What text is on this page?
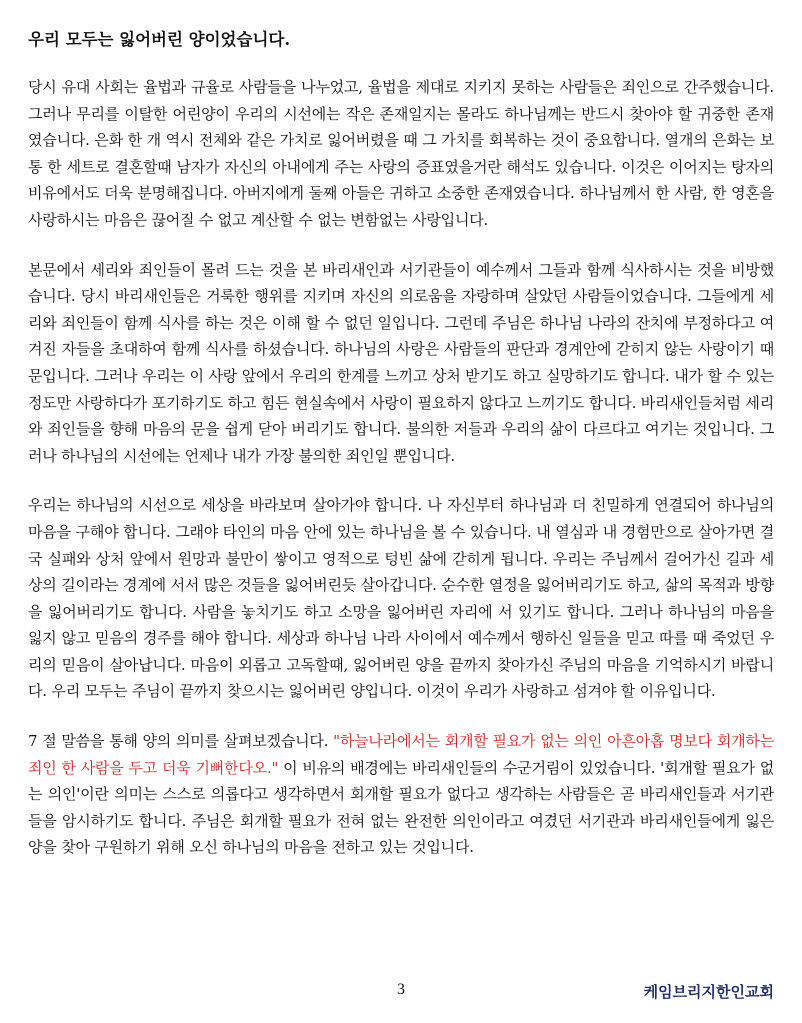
우리 모두는 잃어버린 양이었습니다.

당시 유대 사회는 율법과 규율로 사람들을 나누었고, 율법을 제대로 지키지 못하는 사람들은 죄인으로 간주했습니다. 그러나 무리를 이탈한 어린양이 우리의 시선에는 작은 존재일지는 몰라도 하나님께는 반드시 찾아야 할 귀중한 존재였습니다. 은화 한 개 역시 전체와 같은 가치로 잃어버렸을 때 그 가치를 회복하는 것이 중요합니다. 열개의 은화는 보통 한 세트로 결혼할때 남자가 자신의 아내에게 주는 사랑의 증표였을거란 해석도 있습니다. 이것은 이어지는 탕자의 비유에서도 더욱 분명해집니다. 아버지에게 둘째 아들은 귀하고 소중한 존재였습니다. 하나님께서 한 사람, 한 영혼을 사랑하시는 마음은 끊어질 수 없고 계산할 수 없는 변함없는 사랑입니다.

본문에서 세리와 죄인들이 몰려 드는 것을 본 바리새인과 서기관들이 예수께서 그들과 함께 식사하시는 것을 비방했습니다. 당시 바리새인들은 거룩한 행위를 지키며 자신의 의로움을 자랑하며 살았던 사람들이었습니다. 그들에게 세리와 죄인들이 함께 식사를 하는 것은 이해 할 수 없던 일입니다. 그런데 주님은 하나님 나라의 잔치에 부정하다고 여겨진 자들을 초대하여 함께 식사를 하셨습니다. 하나님의 사랑은 사람들의 판단과 경계안에 갇히지 않는 사랑이기 때문입니다. 그러나 우리는 이 사랑 앞에서 우리의 한계를 느끼고 상처 받기도 하고 실망하기도 합니다. 내가 할 수 있는 정도만 사랑하다가 포기하기도 하고 힘든 현실속에서 사랑이 필요하지 않다고 느끼기도 합니다. 바리새인들처럼 세리와 죄인들을 향해 마음의 문을 쉽게 닫아 버리기도 합니다. 불의한 저들과 우리의 삶이 다르다고 여기는 것입니다. 그러나 하나님의 시선에는 언제나 내가 가장 불의한 죄인일 뿐입니다.

우리는 하나님의 시선으로 세상을 바라보며 살아가야 합니다. 나 자신부터 하나님과 더 친밀하게 연결되어 하나님의 마음을 구해야 합니다. 그래야 타인의 마음 안에 있는 하나님을 볼 수 있습니다. 내 열심과 내 경험만으로 살아가면 결국 실패와 상처 앞에서 원망과 불만이 쌓이고 영적으로 텅빈 삶에 갇히게 됩니다. 우리는 주님께서 걸어가신 길과 세상의 길이라는 경계에 서서 많은 것들을 잃어버린듯 살아갑니다. 순수한 열정을 잃어버리기도 하고, 삶의 목적과 방향을 잃어버리기도 합니다. 사람을 놓치기도 하고 소망을 잃어버린 자리에 서 있기도 합니다. 그러나 하나님의 마음을 잃지 않고 믿음의 경주를 해야 합니다. 세상과 하나님 나라 사이에서 예수께서 행하신 일들을 믿고 따를 때 죽었던 우리의 믿음이 살아납니다. 마음이 외롭고 고독할때, 잃어버린 양을 끝까지 찾아가신 주님의 마음을 기억하시기 바랍니다. 우리 모두는 주님이 끝까지 찾으시는 잃어버린 양입니다. 이것이 우리가 사랑하고 섬겨야 할 이유입니다.

7 절 말씀을 통해 양의 의미를 살펴보겠습니다. "하늘나라에서는 회개할 필요가 없는 의인 아흔아홉 명보다 회개하는 죄인 한 사람을 두고 더욱 기뻐한다오." 이 비유의 배경에는 바리새인들의 수군거림이 있었습니다. '회개할 필요가 없는 의인'이란 의미는 스스로 의롭다고 생각하면서 회개할 필요가 없다고 생각하는 사람들은 곧 바리새인들과 서기관들을 암시하기도 합니다. 주님은 회개할 필요가 전혀 없는 완전한 의인이라고 여겼던 서기관과 바리새인들에게 잃은 양을 찾아 구원하기 위해 오신 하나님의 마음을 전하고 있는 것입니다.

3	케임브리지한인교회
